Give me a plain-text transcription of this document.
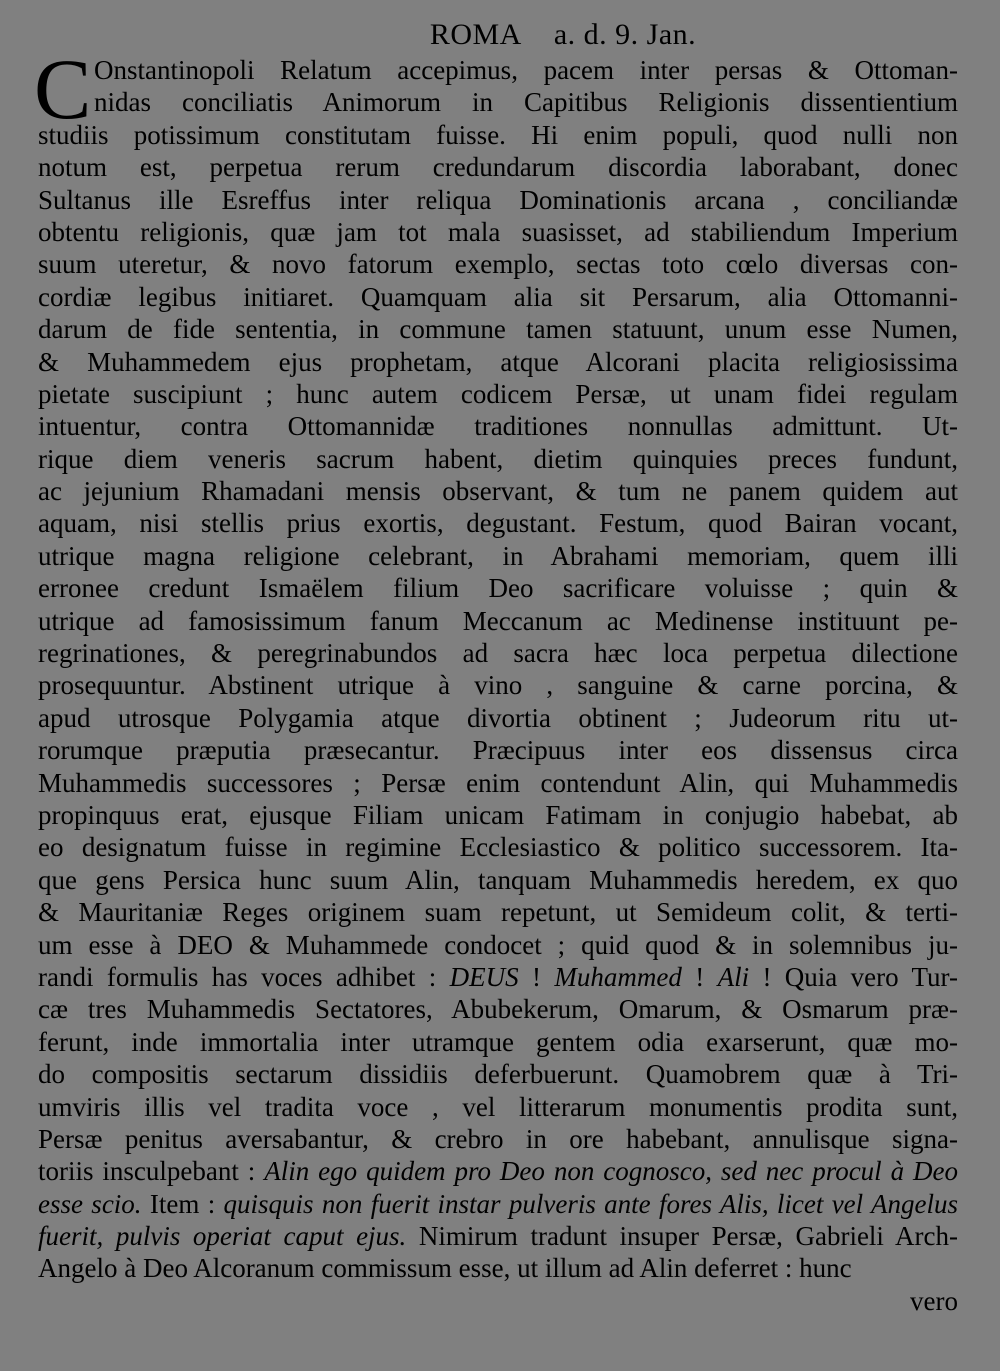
ROMA a. d. 9. Jan.
C Onstantinopoli Relatum accepimus, pacem inter persas & Ottoman-
nidas conciliatis Animorum in Capitibus Religionis dissentientium
studiis potissimum constitutam fuisse. Hi enim populi, quod nulli non
notum est, perpetua rerum credundarum discordia laborabant, donec
Sultanus ille Esreffus inter reliqua Dominationis arcana , conciliandæ
obtentu religionis, quæ jam tot mala suasisset, ad stabiliendum Imperium
suum uteretur, & novo fatorum exemplo, sectas toto cœlo diversas con-
cordiæ legibus initiaret. Quamquam alia sit Persarum, alia Ottomanni-
darum de fide sententia, in commune tamen statuunt, unum esse Numen,
& Muhammedem ejus prophetam, atque Alcorani placita religiosissima
pietate suscipiunt ; hunc autem codicem Persæ, ut unam fidei regulam
intuentur, contra Ottomannidæ traditiones nonnullas admittunt. Ut-
rique diem veneris sacrum habent, dietim quinquies preces fundunt,
ac jejunium Rhamadani mensis observant, & tum ne panem quidem aut
aquam, nisi stellis prius exortis, degustant. Festum, quod Bairan vocant,
utrique magna religione celebrant, in Abrahami memoriam, quem illi
erronee credunt Ismaëlem filium Deo sacrificare voluisse ; quin &
utrique ad famosissimum fanum Meccanum ac Medinense instituunt pe-
regrinationes, & peregrinabundos ad sacra hæc loca perpetua dilectione
prosequuntur. Abstinent utrique à vino , sanguine & carne porcina, &
apud utrosque Polygamia atque divortia obtinent ; Judeorum ritu ut-
rorumque præputia præsecantur. Præcipuus inter eos dissensus circa
Muhammedis successores ; Persæ enim contendunt Alin, qui Muhammedis
propinquus erat, ejusque Filiam unicam Fatimam in conjugio habebat, ab
eo designatum fuisse in regimine Ecclesiastico & politico successorem. Ita-
que gens Persica hunc suum Alin, tanquam Muhammedis heredem, ex quo
& Mauritaniæ Reges originem suam repetunt, ut Semideum colit, & terti-
um esse à DEO & Muhammede condocet ; quid quod & in solemnibus ju-
randi formulis has voces adhibet : DEUS ! Muhammed ! Ali ! Quia vero Tur-
cæ tres Muhammedis Sectatores, Abubekerum, Omarum, & Osmarum præ-
ferunt, inde immortalia inter utramque gentem odia exarserunt, quæ mo-
do compositis sectarum dissidiis deferbuerunt. Quamobrem quæ à Tri-
umviris illis vel tradita voce , vel litterarum monumentis prodita sunt,
Persæ penitus aversabantur, & crebro in ore habebant, annulisque signa-
toriis insculpebant : Alin ego quidem pro Deo non cognosco, sed nec procul à Deo
esse scio. Item : quisquis non fuerit instar pulveris ante fores Alis, licet vel Angelus
fuerit, pulvis operiat caput ejus. Nimirum tradunt insuper Persæ, Gabrieli Arch-
Angelo à Deo Alcoranum commissum esse, ut illum ad Alin deferret : hunc
vero
